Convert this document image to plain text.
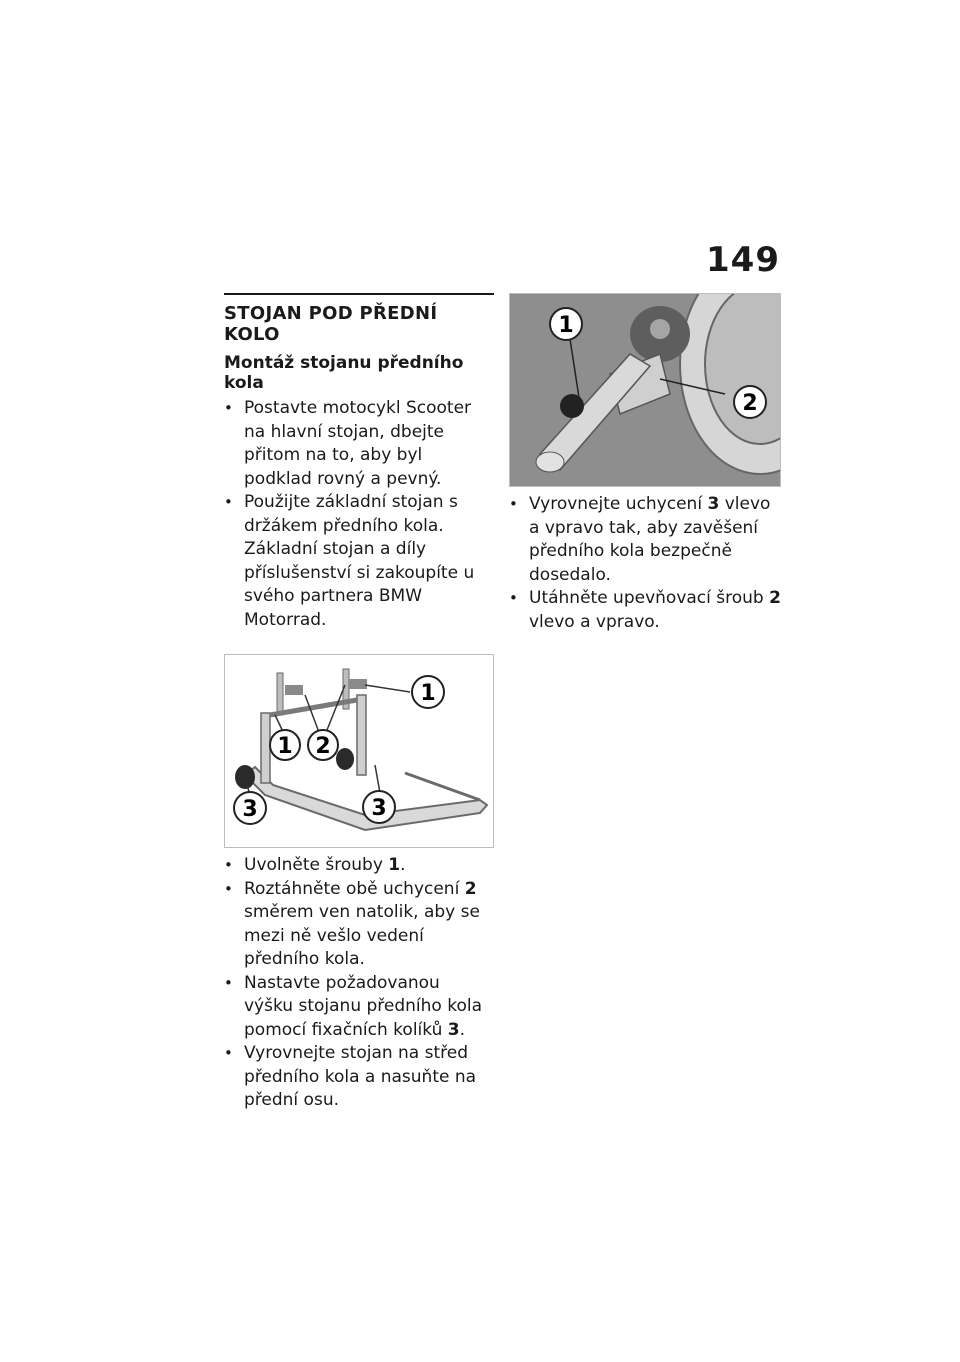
149
STOJAN POD PŘEDNÍ KOLO
Montáž stojanu předního kola
• Postavte motocykl Scooter na hlavní stojan, dbejte přitom na to, aby byl podklad rovný a pevný.
• Použijte základní stojan s držákem předního kola. Základní stojan a díly příslušenství si zakoupíte u svého partnera BMW Motorrad.
1 2
1
3	3
• Uvolněte šrouby 1.
• Roztáhněte obě uchycení 2 směrem ven natolik, aby se mezi ně vešlo vedení předního kola.
• Nastavte požadovanou výšku stojanu předního kola pomocí fixačních kolíků 3.
• Vyrovnejte stojan na střed předního kola a nasuňte na přední osu.
1
2
• Vyrovnejte uchycení 3 vlevo a vpravo tak, aby zavěšení předního kola bezpečně dosedalo.
• Utáhněte upevňovací šroub 2 vlevo a vpravo.
